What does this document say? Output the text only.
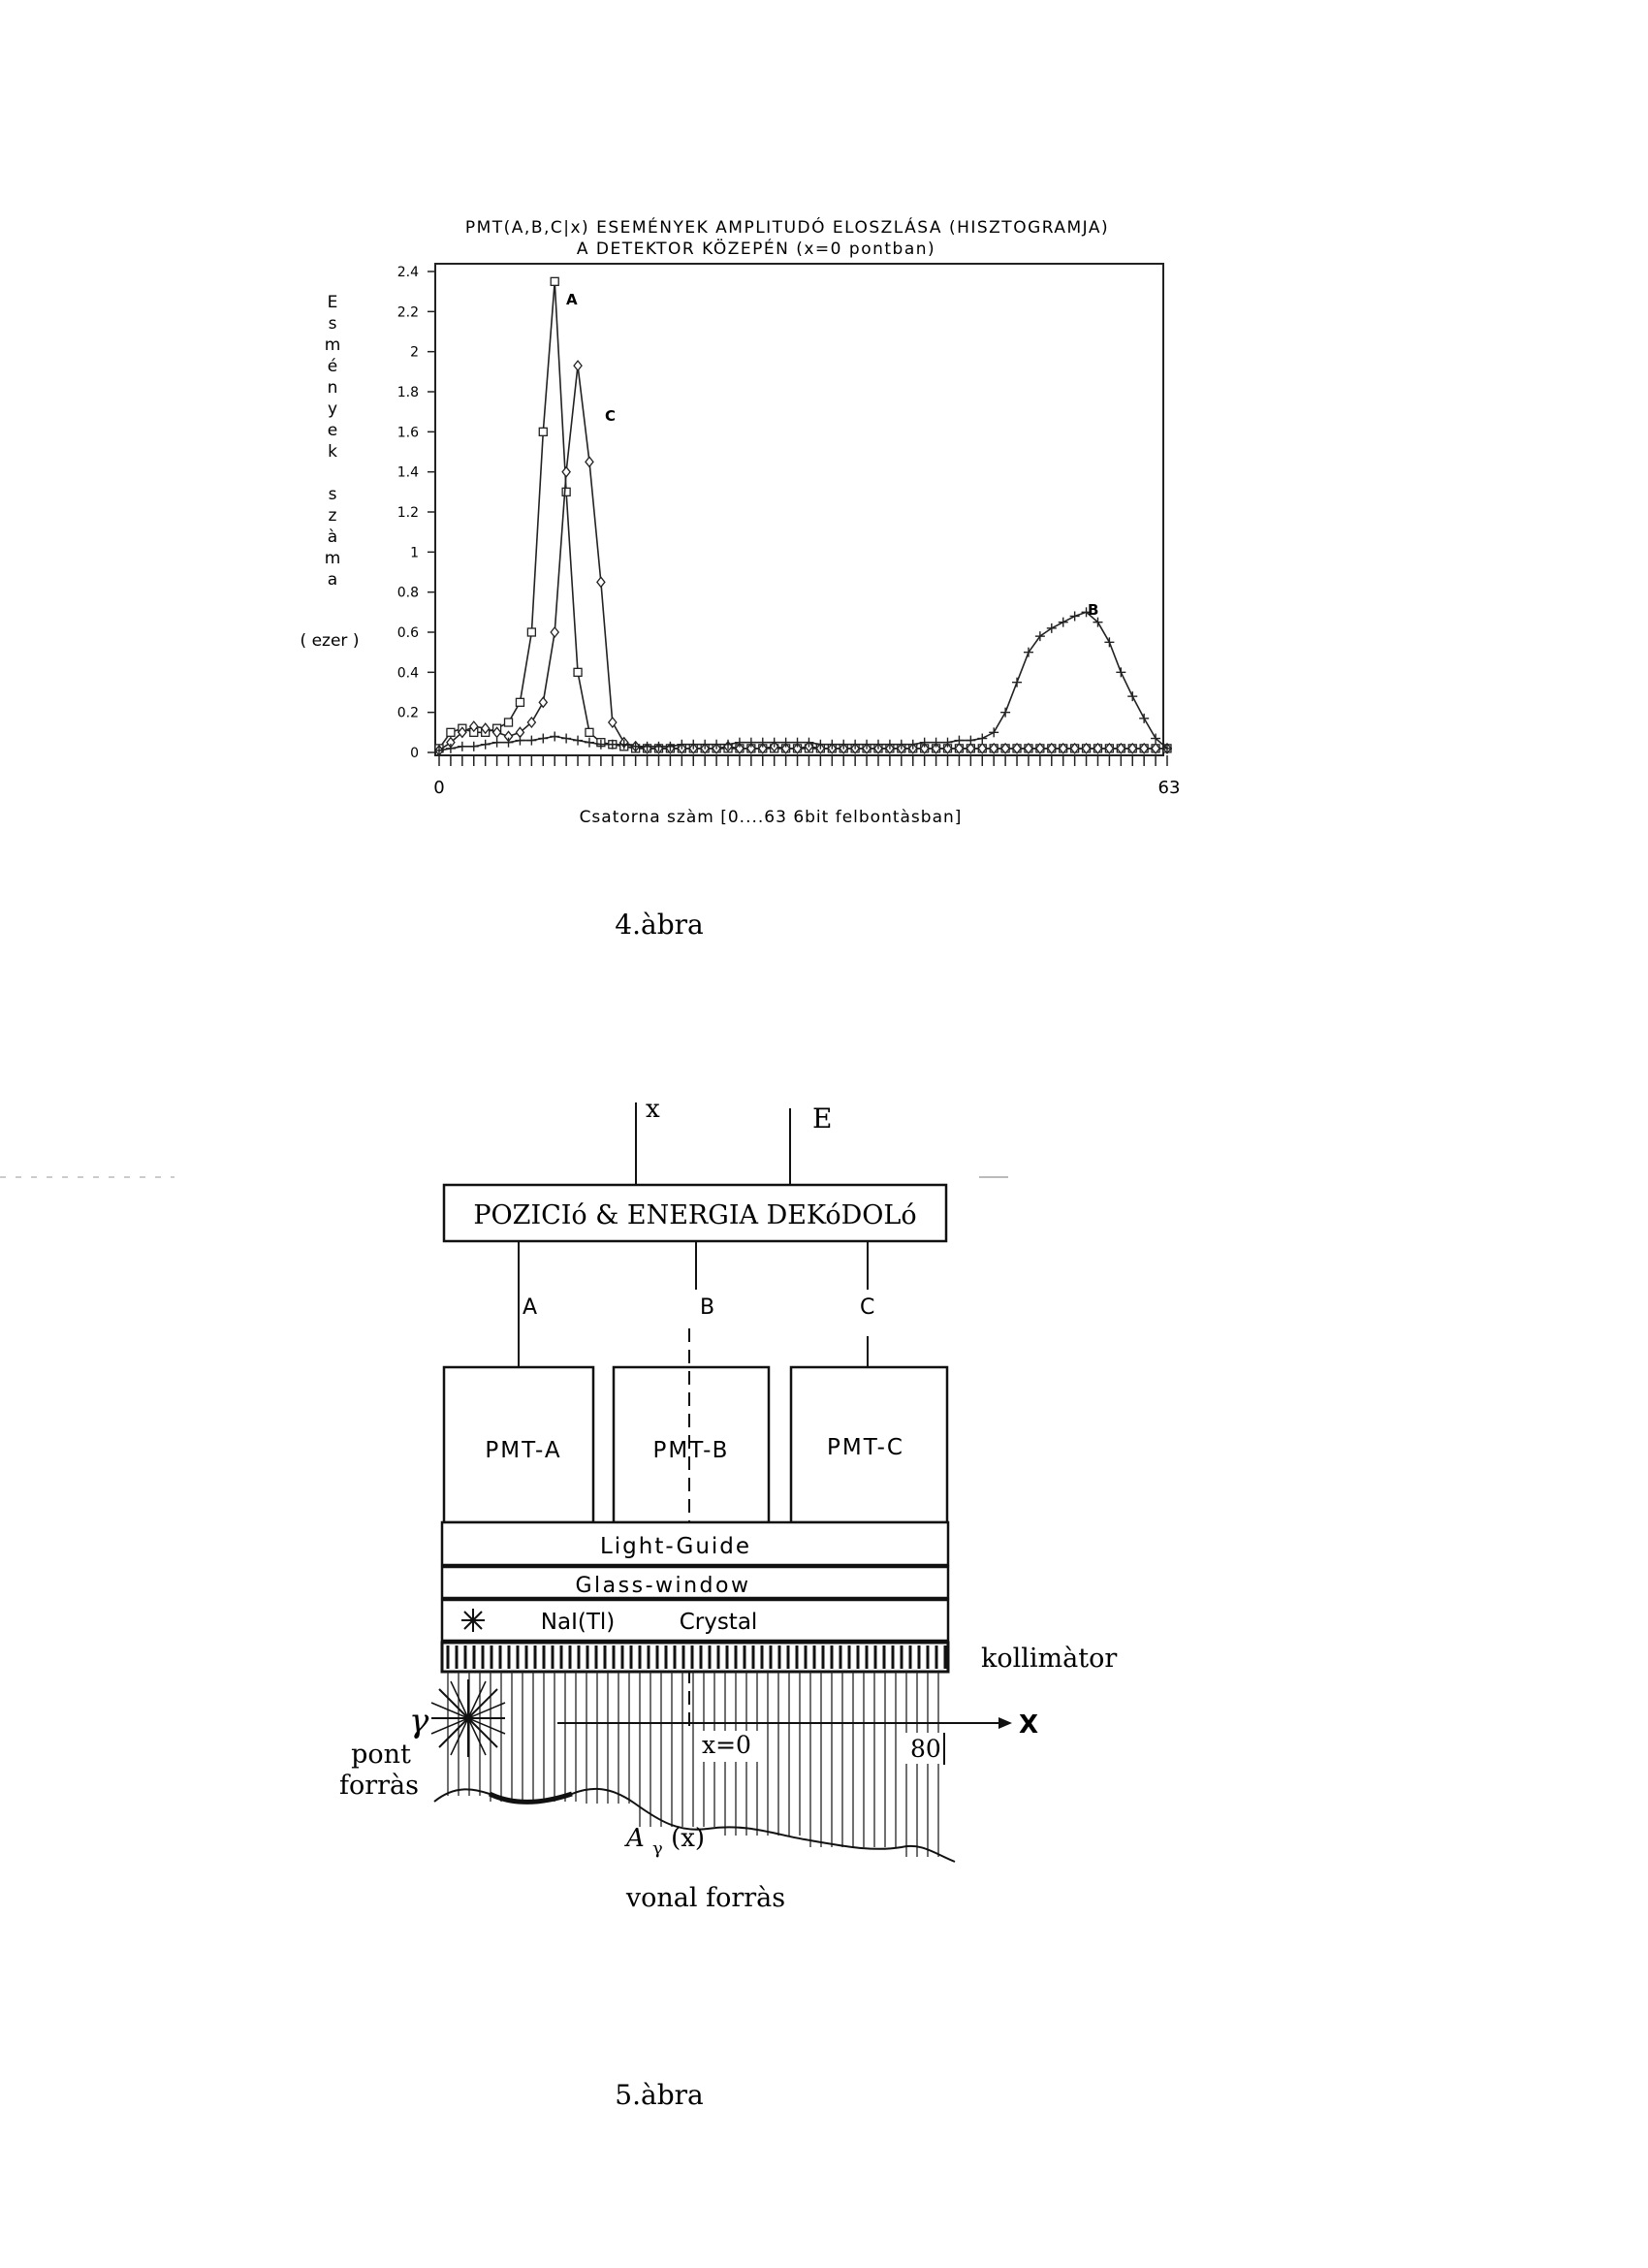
PMT(A,B,C|x) ESEMÉNYEK AMPLITUDÓ ELOSZLÁSA (HISZTOGRAMJA)
A DETEKTOR KÖZEPÉN (x=0 pontban)
E
s
m
é
n
y
e
k
s
z
à
m
a
( ezer )
0
0.2
0.4
0.6
0.8
1
1.2
1.4
1.6
1.8
2
2.2
2.4
0	63
A
C
B
Csatorna szàm [0....63 6bit felbontàsban]
4.àbra
x	E
POZICIó & ENERGIA DEKóDOLó
A	B	C
PMT-A	PMT-B	PMT-C
Light-Guide
Glass-window
NaI(Tl)	Crystal
kollimàtor
γ
pont
forràs
X
x=0	80
A $_\gamma$ (x)
vonal forràs
5.àbra
